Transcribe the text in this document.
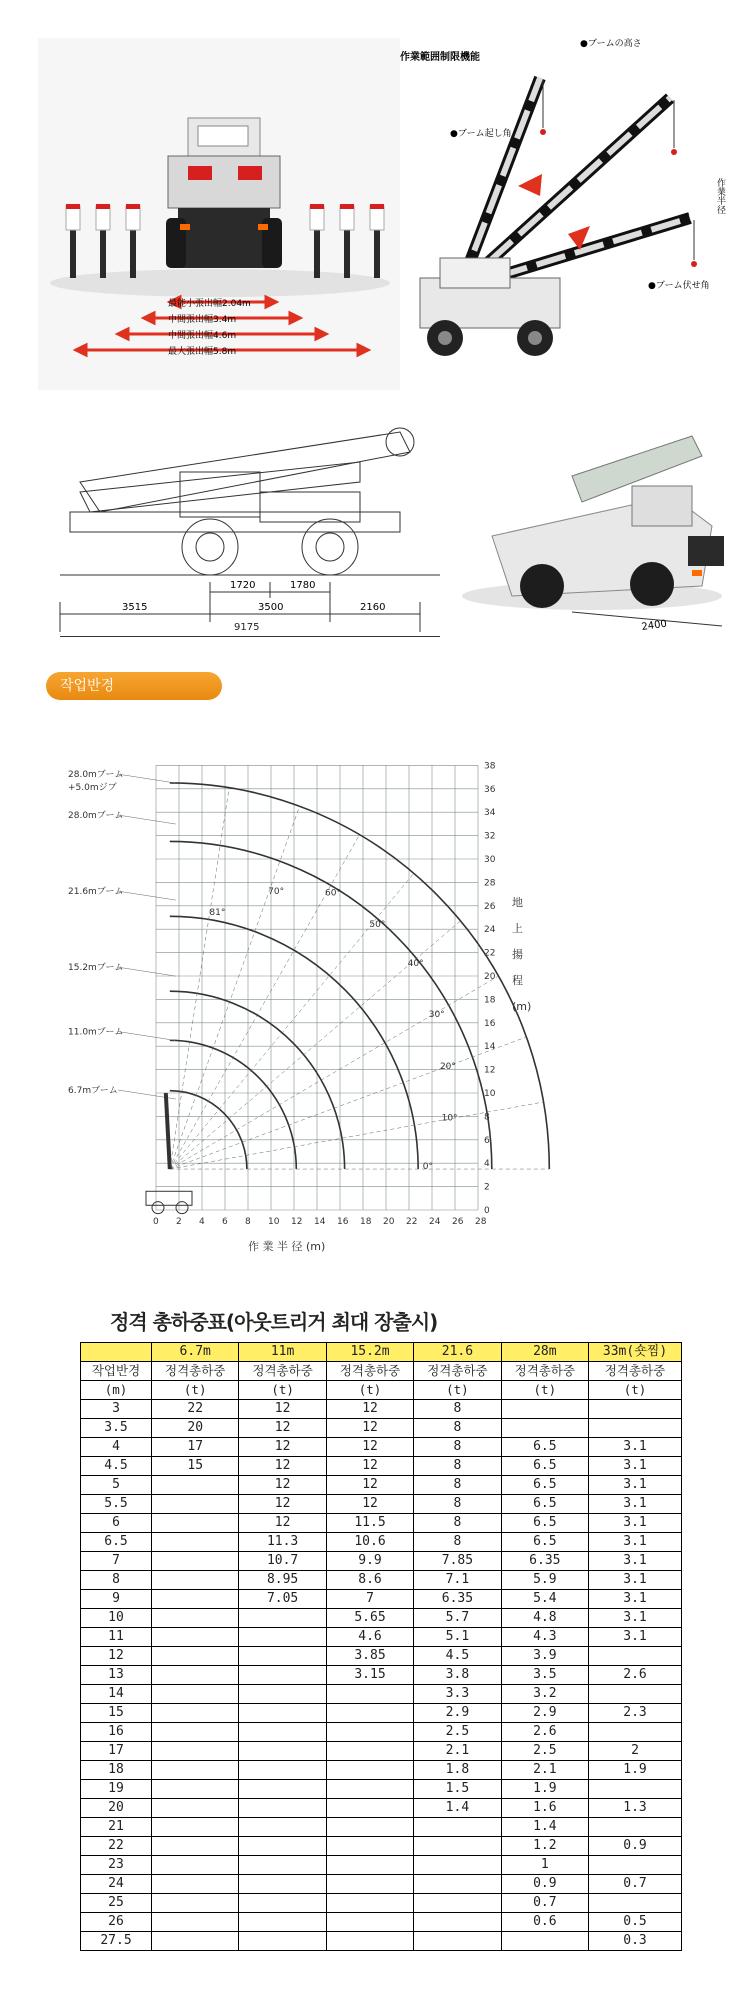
最能小張出幅2.04m
中間張出幅3.4m
中間張出幅4.6m
最大張出幅5.8m
作業範囲制限機能
●ブームの高さ
●ブーム起し角
●ブーム伏せ角
作業半径
1720	1780
3515	3500	2160
9175	2400
작업반경
0 2 4 6 8 10 12 14 16 18 20 22 24 26 28
0
2
4
6
8
10
12
14
16
18
20
22
24
26
28
30
32
34
36
38
作 業 半 径 (m)
地
上
揚
程
(m)
81°
70°	60°
50°
40°
30°
20°
10°
0°
28.0mブーム
+5.0mジブ
28.0mブーム
21.6mブーム
15.2mブーム
11.0mブーム
6.7mブーム
정격 총하중표(아웃트리거 최대 장출시)
	6.7m	11m	15.2m	21.6	28m	33m(숏찜)
작업반경	정격총하중	정격총하중	정격총하중	정격총하중	정격총하중	정격총하중
(m)	(t)	(t)	(t)	(t)	(t)	(t)
3	22	12	12	8		
3.5	20	12	12	8		
4	17	12	12	8	6.5	3.1
4.5	15	12	12	8	6.5	3.1
5		12	12	8	6.5	3.1
5.5		12	12	8	6.5	3.1
6		12	11.5	8	6.5	3.1
6.5		11.3	10.6	8	6.5	3.1
7		10.7	9.9	7.85	6.35	3.1
8		8.95	8.6	7.1	5.9	3.1
9		7.05	7	6.35	5.4	3.1
10			5.65	5.7	4.8	3.1
11			4.6	5.1	4.3	3.1
12			3.85	4.5	3.9	
13			3.15	3.8	3.5	2.6
14				3.3	3.2	
15				2.9	2.9	2.3
16				2.5	2.6	
17				2.1	2.5	2
18				1.8	2.1	1.9
19				1.5	1.9	
20				1.4	1.6	1.3
21					1.4	
22					1.2	0.9
23					1	
24					0.9	0.7
25					0.7	
26					0.6	0.5
27.5						0.3
